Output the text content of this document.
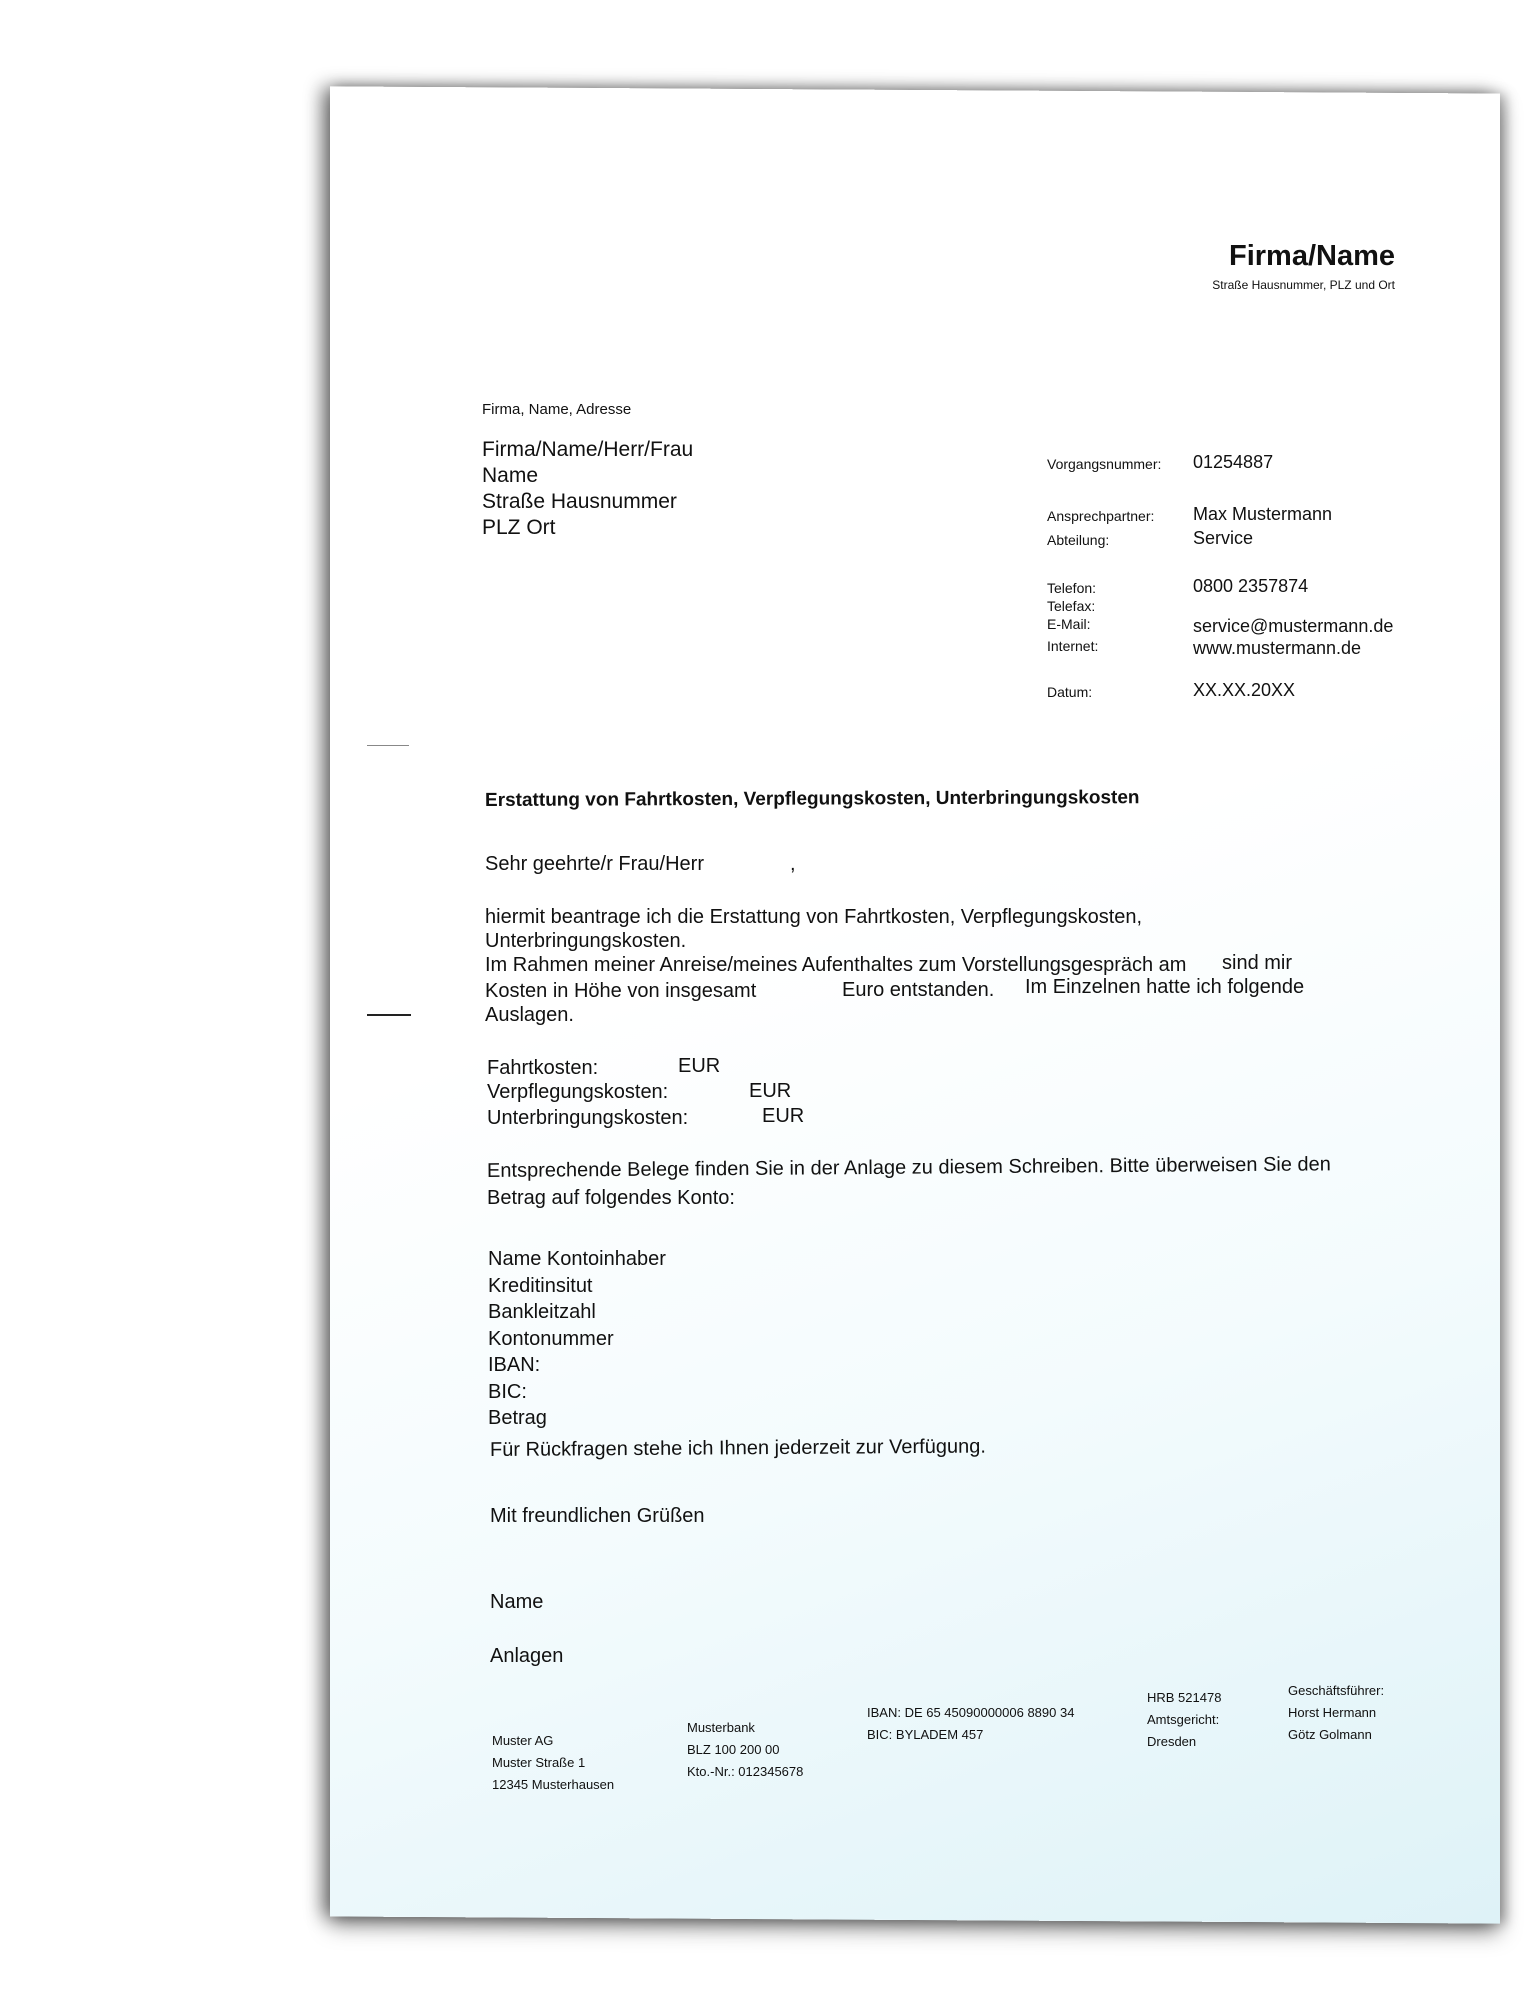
Firma/Name
Straße Hausnummer, PLZ und Ort
Firma, Name, Adresse
Firma/Name/Herr/Frau
Name
Straße Hausnummer
PLZ Ort
Vorgangsnummer: 01254887
Ansprechpartner: Max Mustermann
Abteilung:	Service
Telefon:	0800 2357874
Telefax:
E-Mail:	service@mustermann.de
Internet:	www.mustermann.de
Datum:	XX.XX.20XX
Erstattung von Fahrtkosten, Verpflegungskosten, Unterbringungskosten
Sehr geehrte/r Frau/Herr	,
hiermit beantrage ich die Erstattung von Fahrtkosten, Verpflegungskosten,
Unterbringungskosten.
Im Rahmen meiner Anreise/meines Aufenthaltes zum Vorstellungsgespräch am sind mir
Kosten in Höhe von insgesamt	Euro entstanden. Im Einzelnen hatte ich folgende
Auslagen.
Fahrtkosten:	EUR
Verpflegungskosten:	EUR
Unterbringungskosten:	EUR
Entsprechende Belege finden Sie in der Anlage zu diesem Schreiben. Bitte überweisen Sie den
Betrag auf folgendes Konto:
Name Kontoinhaber
Kreditinsitut
Bankleitzahl
Kontonummer
IBAN:
BIC:
Betrag
Für Rückfragen stehe ich Ihnen jederzeit zur Verfügung.
Mit freundlichen Grüßen
Name
Anlagen
Muster AG
Muster Straße 1
12345 Musterhausen
Musterbank
BLZ 100 200 00
Kto.-Nr.: 012345678
IBAN: DE 65 45090000006 8890 34
BIC: BYLADEM 457
HRB 521478
Amtsgericht:
Dresden
Geschäftsführer:
Horst Hermann
Götz Golmann
